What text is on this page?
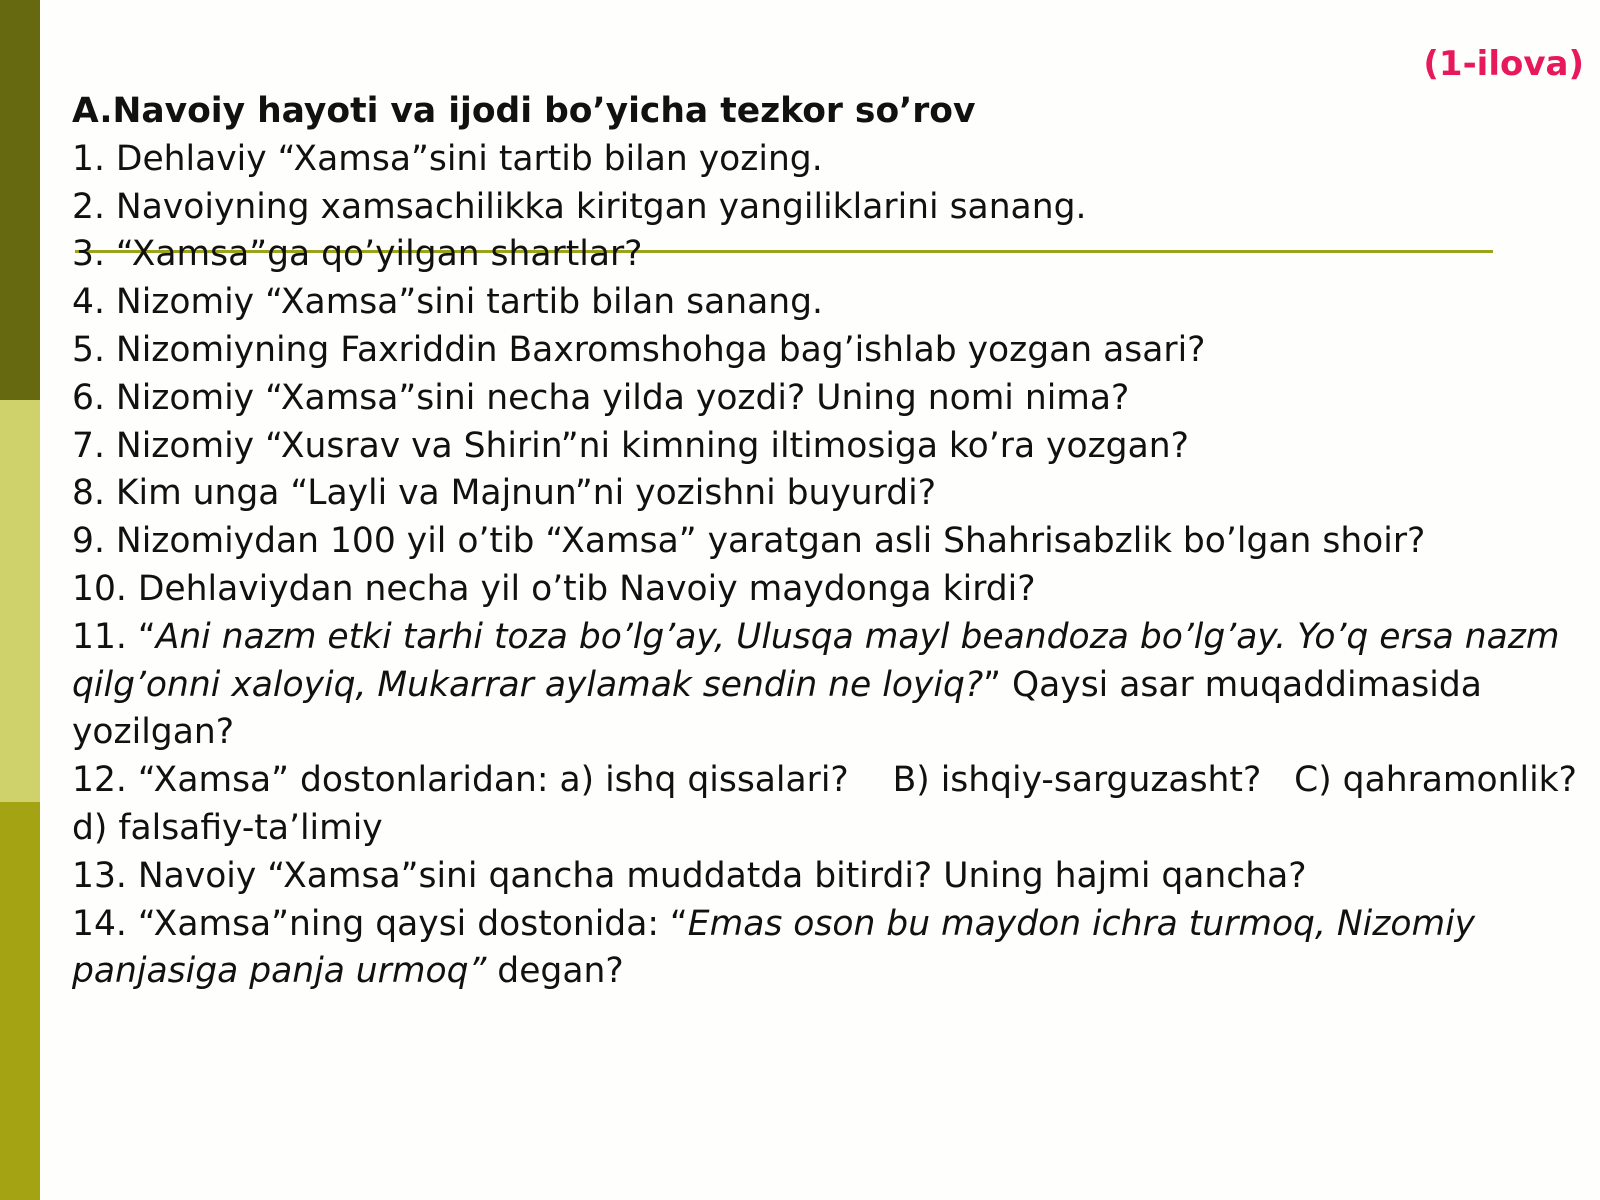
(1-ilova)

A.Navoiy hayoti va ijodi bo’yicha tezkor so’rov

1. Dehlaviy “Xamsa”sini tartib bilan yozing.

2. Navoiyning xamsachilikka kiritgan yangiliklarini sanang.

3. “Xamsa”ga qo’yilgan shartlar?

4. Nizomiy “Xamsa”sini tartib bilan sanang.

5. Nizomiyning Faxriddin Baxromshohga bag’ishlab yozgan asari?

6. Nizomiy “Xamsa”sini necha yilda yozdi? Uning nomi nima?

7. Nizomiy “Xusrav va Shirin”ni kimning iltimosiga ko’ra yozgan?

8. Kim unga “Layli va Majnun”ni yozishni buyurdi?

9. Nizomiydan 100 yil o’tib “Xamsa” yaratgan asli Shahrisabzlik bo’lgan shoir?

10. Dehlaviydan necha yil o’tib Navoiy maydonga kirdi?

11. “Ani nazm etki tarhi toza bo’lg’ay, Ulusqa mayl beandoza bo’lg’ay. Yo’q ersa nazm qilg’onni xaloyiq, Mukarrar aylamak sendin ne loyiq?” Qaysi asar muqaddimasida yozilgan?

12. “Xamsa” dostonlaridan: a) ishq qissalari?    B) ishqiy-sarguzasht?   C) qahramonlik?

d) falsafiy-ta’limiy

13. Navoiy “Xamsa”sini qancha muddatda bitirdi? Uning hajmi qancha?

14. “Xamsa”ning qaysi dostonida: “Emas oson bu maydon ichra turmoq, Nizomiy panjasiga panja urmoq” degan?
